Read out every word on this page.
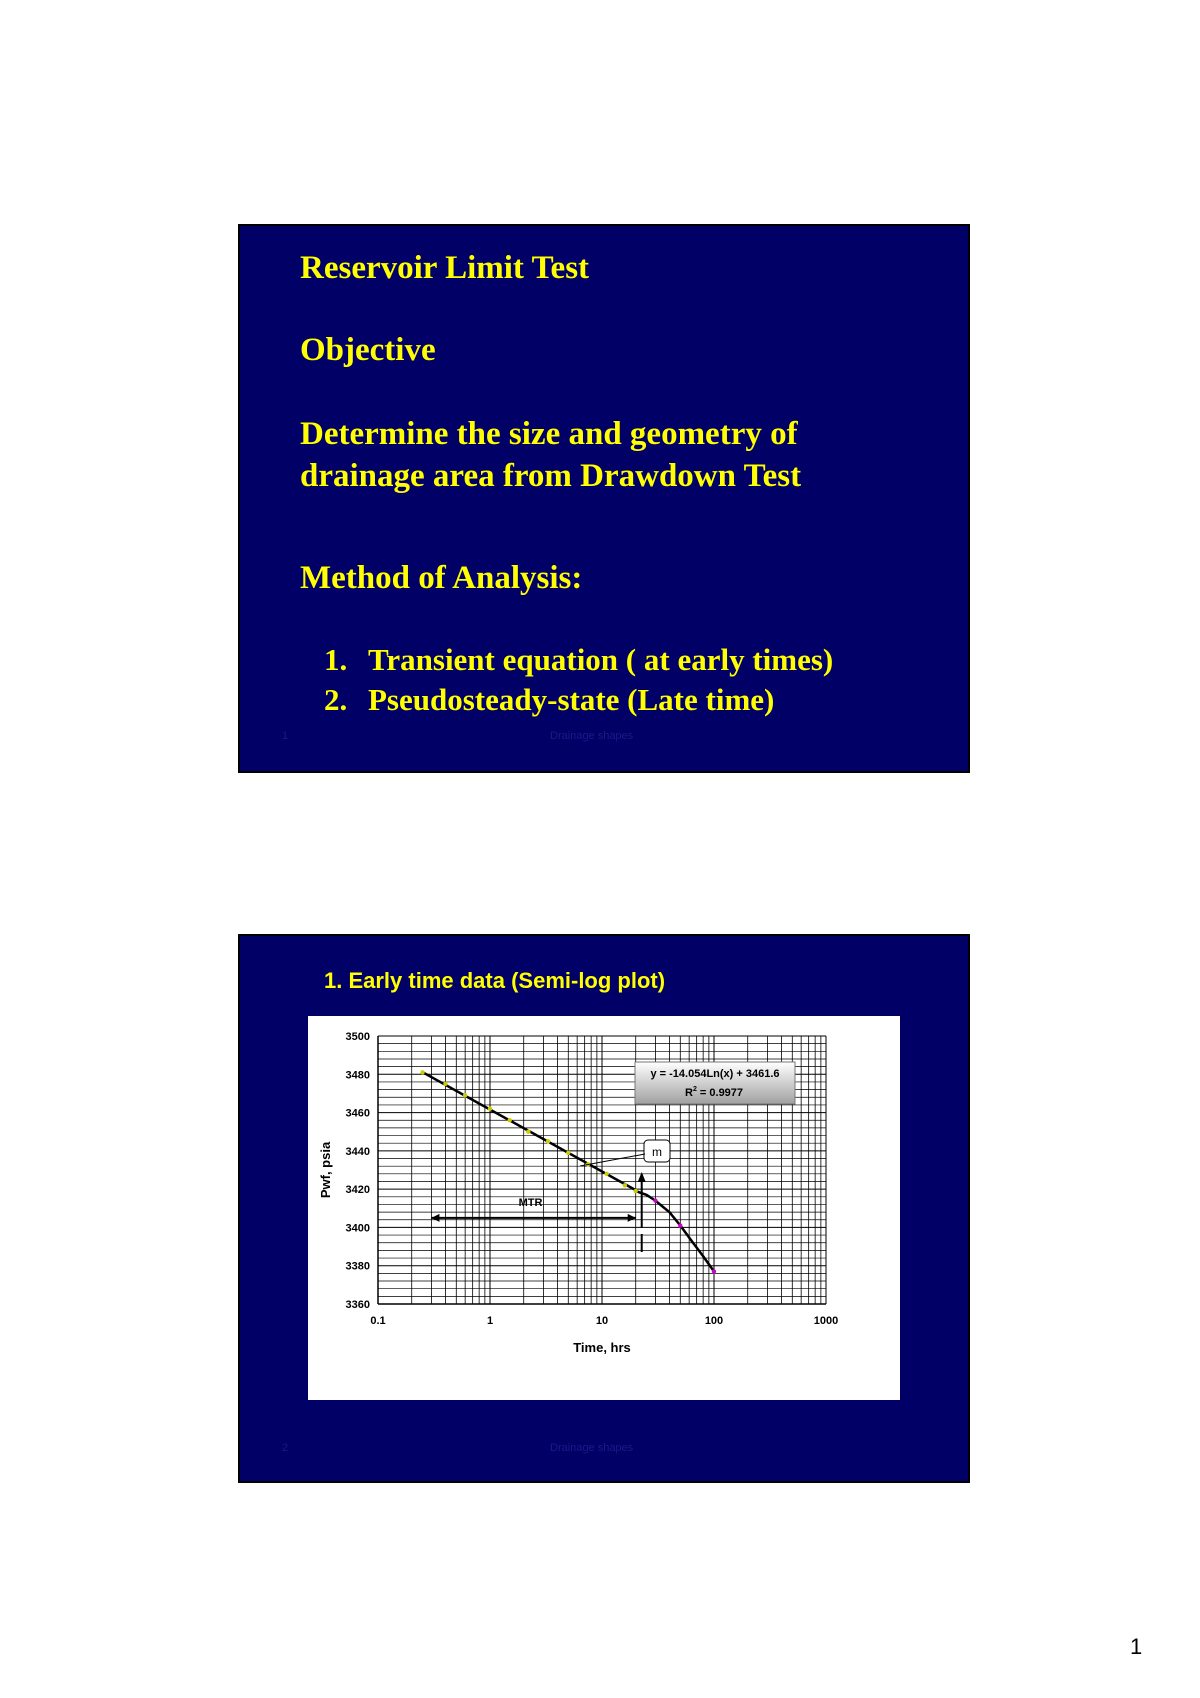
Reservoir Limit Test
Objective
Determine the size and geometry of
drainage area from Drawdown Test
Method of Analysis:
1. Transient equation ( at early times)
2. Pseudosteady-state (Late time)
1	Drainage shapes
1. Early time data (Semi-log plot)
0.1	1	10	100	1000
3360
3380
3400
3420
3440
3460
3480
3500
Time, hrs
Pwf, psia
y = -14.054Ln(x) + 3461.6
$R^2 = 0.9977$
m
MTR
2	Drainage shapes
1
